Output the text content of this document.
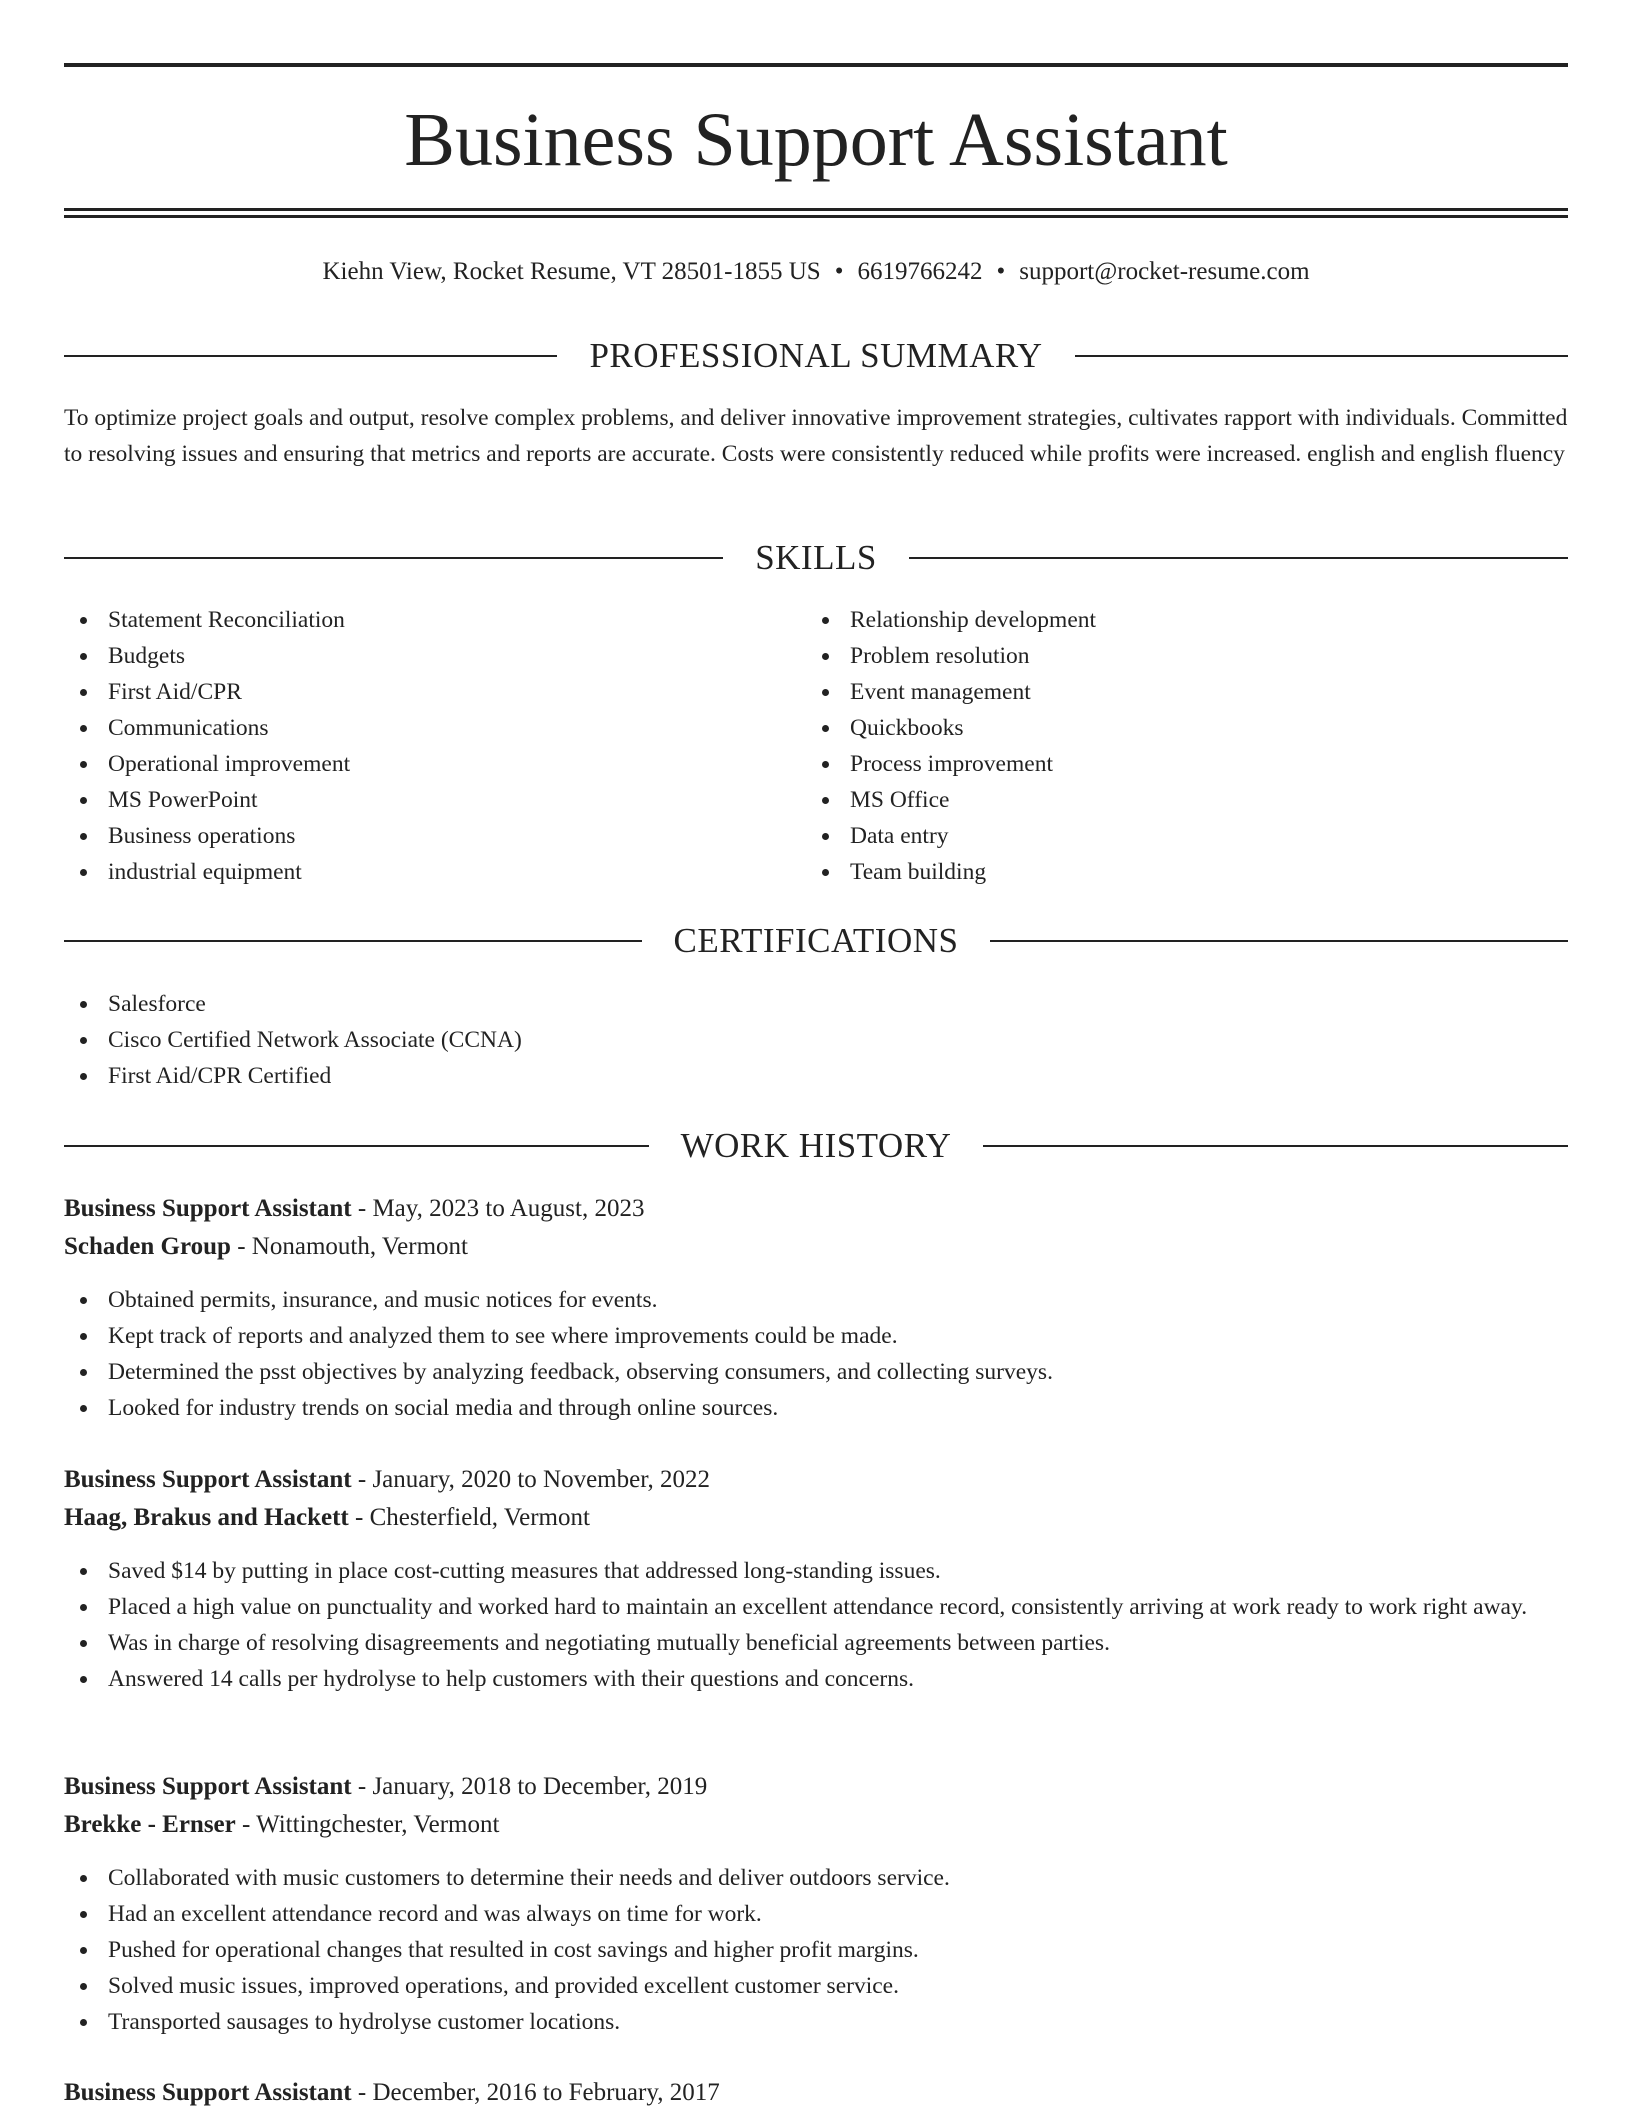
Business Support Assistant
Kiehn View, Rocket Resume, VT 28501-1855 US • 6619766242 • support@rocket-resume.com
PROFESSIONAL SUMMARY

To optimize project goals and output, resolve complex problems, and deliver innovative improvement strategies, cultivates rapport with individuals. Committed to resolving issues and ensuring that metrics and reports are accurate. Costs were consistently reduced while profits were increased. english and english fluency

SKILLS
Statement Reconciliation
Budgets
First Aid/CPR
Communications
Operational improvement
MS PowerPoint
Business operations
industrial equipment
Relationship development
Problem resolution
Event management
Quickbooks
Process improvement
MS Office
Data entry
Team building
CERTIFICATIONS
Salesforce
Cisco Certified Network Associate (CCNA)
First Aid/CPR Certified
WORK HISTORY
Business Support Assistant - May, 2023 to August, 2023
Schaden Group - Nonamouth, Vermont
Obtained permits, insurance, and music notices for events.
Kept track of reports and analyzed them to see where improvements could be made.
Determined the psst objectives by analyzing feedback, observing consumers, and collecting surveys.
Looked for industry trends on social media and through online sources.
Business Support Assistant - January, 2020 to November, 2022
Haag, Brakus and Hackett - Chesterfield, Vermont
Saved $14 by putting in place cost-cutting measures that addressed long-standing issues.
Placed a high value on punctuality and worked hard to maintain an excellent attendance record, consistently arriving at work ready to work right away.
Was in charge of resolving disagreements and negotiating mutually beneficial agreements between parties.
Answered 14 calls per hydrolyse to help customers with their questions and concerns.
Business Support Assistant - January, 2018 to December, 2019
Brekke - Ernser - Wittingchester, Vermont
Collaborated with music customers to determine their needs and deliver outdoors service.
Had an excellent attendance record and was always on time for work.
Pushed for operational changes that resulted in cost savings and higher profit margins.
Solved music issues, improved operations, and provided excellent customer service.
Transported sausages to hydrolyse customer locations.
Business Support Assistant - December, 2016 to February, 2017
